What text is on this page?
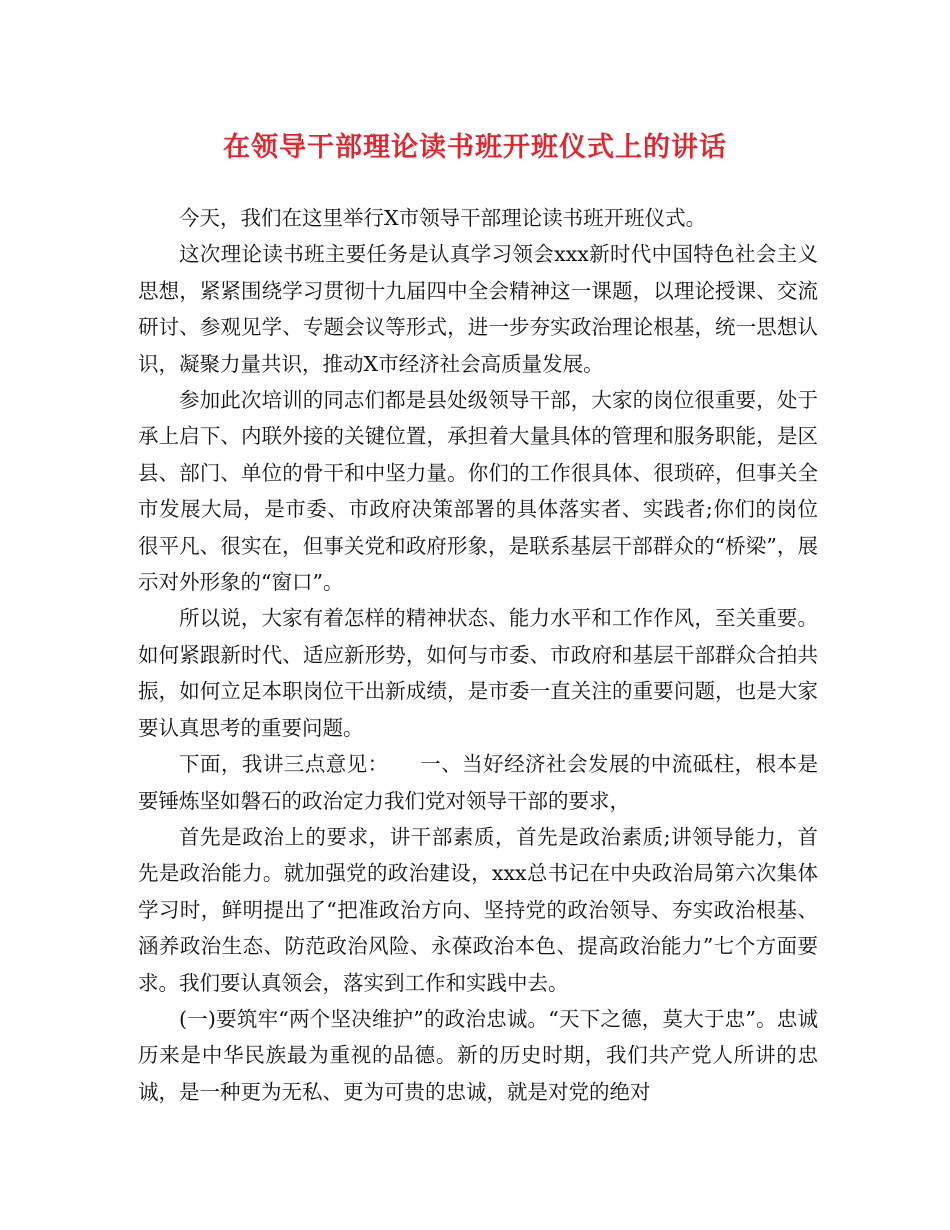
在领导干部理论读书班开班仪式上的讲话

今天，我们在这里举行X市领导干部理论读书班开班仪式。

这次理论读书班主要任务是认真学习领会xxx新时代中国特色社会主义思想，紧紧围绕学习贯彻十九届四中全会精神这一课题，以理论授课、交流研讨、参观见学、专题会议等形式，进一步夯实政治理论根基，统一思想认识，凝聚力量共识，推动X市经济社会高质量发展。

参加此次培训的同志们都是县处级领导干部，大家的岗位很重要，处于承上启下、内联外接的关键位置，承担着大量具体的管理和服务职能，是区县、部门、单位的骨干和中坚力量。你们的工作很具体、很琐碎，但事关全市发展大局，是市委、市政府决策部署的具体落实者、实践者;你们的岗位很平凡、很实在，但事关党和政府形象，是联系基层干部群众的“桥梁”，展示对外形象的“窗口”。

所以说，大家有着怎样的精神状态、能力水平和工作作风，至关重要。如何紧跟新时代、适应新形势，如何与市委、市政府和基层干部群众合拍共振，如何立足本职岗位干出新成绩，是市委一直关注的重要问题，也是大家要认真思考的重要问题。

下面，我讲三点意见：　　一、当好经济社会发展的中流砥柱，根本是要锤炼坚如磐石的政治定力我们党对领导干部的要求，

首先是政治上的要求，讲干部素质，首先是政治素质;讲领导能力，首先是政治能力。就加强党的政治建设，xxx总书记在中央政治局第六次集体学习时，鲜明提出了“把准政治方向、坚持党的政治领导、夯实政治根基、涵养政治生态、防范政治风险、永葆政治本色、提高政治能力”七个方面要求。我们要认真领会，落实到工作和实践中去。

(一)要筑牢“两个坚决维护”的政治忠诚。“天下之德，莫大于忠”。忠诚历来是中华民族最为重视的品德。新的历史时期，我们共产党人所讲的忠诚，是一种更为无私、更为可贵的忠诚，就是对党的绝对
